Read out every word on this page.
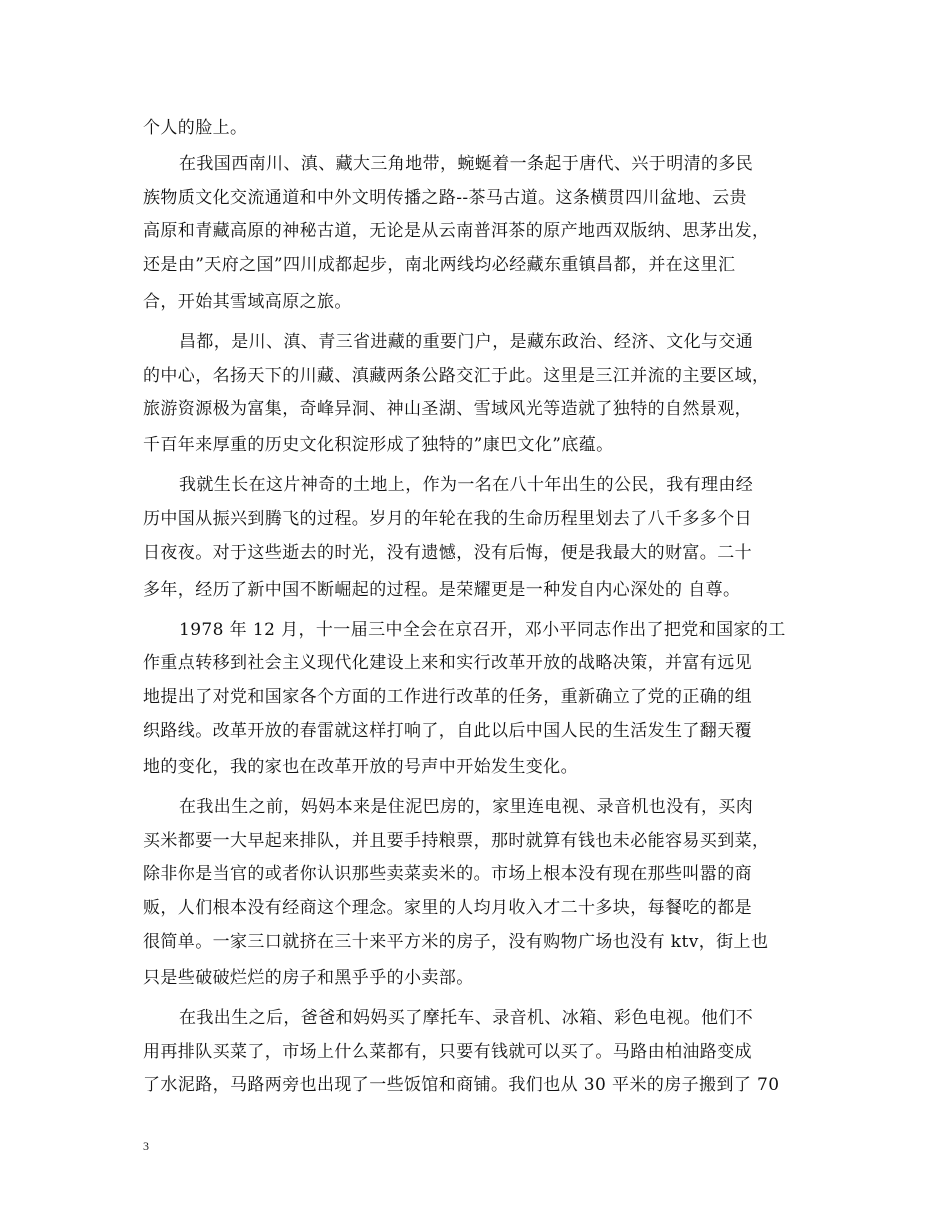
个人的脸上。
在我国西南川、滇、藏大三角地带，蜿蜒着一条起于唐代、兴于明清的多民
族物质文化交流通道和中外文明传播之路--茶马古道。这条横贯四川盆地、云贵
高原和青藏高原的神秘古道，无论是从云南普洱茶的原产地西双版纳、思茅出发，
还是由”天府之国”四川成都起步，南北两线均必经藏东重镇昌都，并在这里汇
合，开始其雪域高原之旅。
昌都，是川、滇、青三省进藏的重要门户，是藏东政治、经济、文化与交通
的中心，名扬天下的川藏、滇藏两条公路交汇于此。这里是三江并流的主要区域，
旅游资源极为富集，奇峰异洞、神山圣湖、雪域风光等造就了独特的自然景观，
千百年来厚重的历史文化积淀形成了独特的”康巴文化”底蕴。
我就生长在这片神奇的土地上，作为一名在八十年出生的公民，我有理由经
历中国从振兴到腾飞的过程。岁月的年轮在我的生命历程里划去了八千多多个日
日夜夜。对于这些逝去的时光，没有遗憾，没有后悔，便是我最大的财富。二十
多年，经历了新中国不断崛起的过程。是荣耀更是一种发自内心深处的 自尊。
1978 年 12 月，十一届三中全会在京召开，邓小平同志作出了把党和国家的工
作重点转移到社会主义现代化建设上来和实行改革开放的战略决策，并富有远见
地提出了对党和国家各个方面的工作进行改革的任务，重新确立了党的正确的组
织路线。改革开放的春雷就这样打响了，自此以后中国人民的生活发生了翻天覆
地的变化，我的家也在改革开放的号声中开始发生变化。
在我出生之前，妈妈本来是住泥巴房的，家里连电视、录音机也没有，买肉
买米都要一大早起来排队，并且要手持粮票，那时就算有钱也未必能容易买到菜，
除非你是当官的或者你认识那些卖菜卖米的。市场上根本没有现在那些叫嚣的商
贩，人们根本没有经商这个理念。家里的人均月收入才二十多块，每餐吃的都是
很简单。一家三口就挤在三十来平方米的房子，没有购物广场也没有 ktv，街上也
只是些破破烂烂的房子和黑乎乎的小卖部。
在我出生之后，爸爸和妈妈买了摩托车、录音机、冰箱、彩色电视。他们不
用再排队买菜了，市场上什么菜都有，只要有钱就可以买了。马路由柏油路变成
了水泥路，马路两旁也出现了一些饭馆和商铺。我们也从 30 平米的房子搬到了 70
3
